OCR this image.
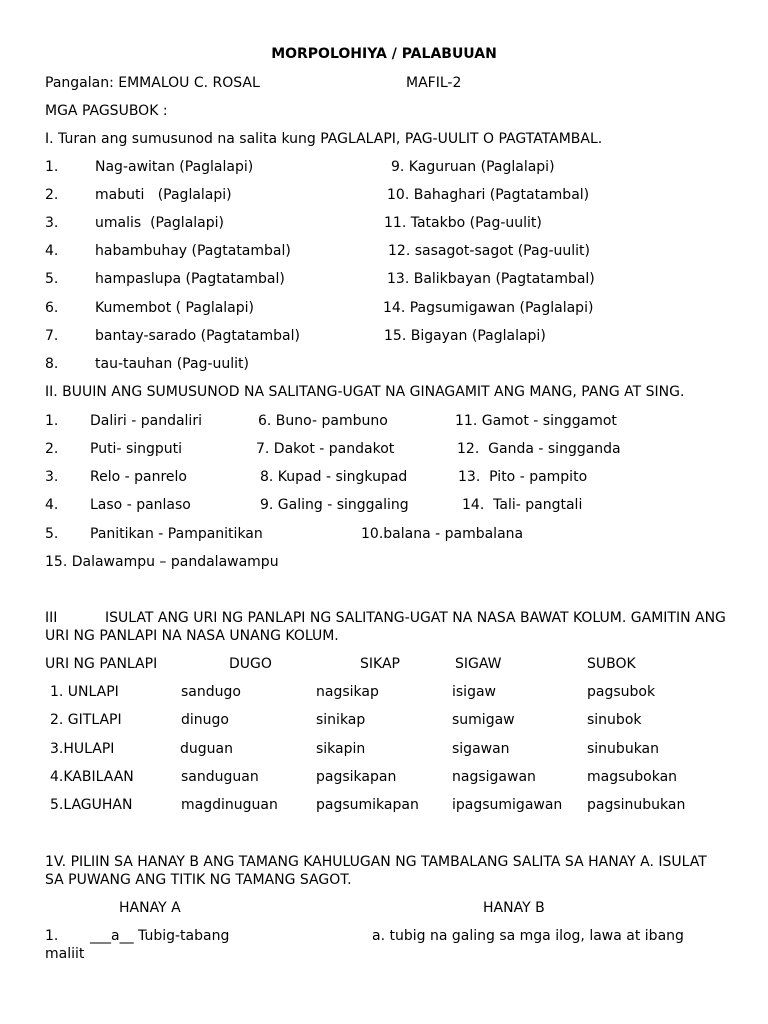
MORPOLOHIYA / PALABUUAN
Pangalan: EMMALOU C. ROSAL	MAFIL-2
MGA PAGSUBOK :
I. Turan ang sumusunod na salita kung PAGLALAPI, PAG-UULIT O PAGTATAMBAL.
1.	Nag-awitan (Paglalapi)	9. Kaguruan (Paglalapi)
2.	mabuti   (Paglalapi)	10. Bahaghari (Pagtatambal)
3.	umalis  (Paglalapi)	11. Tatakbo (Pag-uulit)
4.	habambuhay (Pagtatambal)	12. sasagot-sagot (Pag-uulit)
5.	hampaslupa (Pagtatambal)	13. Balikbayan (Pagtatambal)
6.	Kumembot ( Paglalapi)	14. Pagsumigawan (Paglalapi)
7.	bantay-sarado (Pagtatambal)	15. Bigayan (Paglalapi)
8.	tau-tauhan (Pag-uulit)
II. BUUIN ANG SUMUSUNOD NA SALITANG-UGAT NA GINAGAMIT ANG MANG, PANG AT SING.
1. Daliri - pandaliri	6. Buno- pambuno	11. Gamot - singgamot
2. Puti- singputi	7. Dakot - pandakot	12.  Ganda - singganda
3. Relo - panrelo	8. Kupad - singkupad	13.  Pito - pampito
4. Laso - panlaso	9. Galing - singgaling	14.  Tali- pangtali
5. Panitikan - Pampanitikan	10.balana - pambalana
15. Dalawampu – pandalawampu
III	ISULAT ANG URI NG PANLAPI NG SALITANG-UGAT NA NASA BAWAT KOLUM. GAMITIN ANG
URI NG PANLAPI NA NASA UNANG KOLUM.
URI NG PANLAPI	DUGO	SIKAP	SIGAW	SUBOK
1. UNLAPI	sandugo	nagsikap	isigaw	pagsubok
2. GITLAPI	dinugo	sinikap	sumigaw	sinubok
3.HULAPI	duguan	sikapin	sigawan	sinubukan
4.KABILAAN	sanduguan	pagsikapan	nagsigawan	magsubokan
5.LAGUHAN	magdinuguan	pagsumikapan ipagsumigawan pagsinubukan
1V. PILIIN SA HANAY B ANG TAMANG KAHULUGAN NG TAMBALANG SALITA SA HANAY A. ISULAT
SA PUWANG ANG TITIK NG TAMANG SAGOT.
HANAY A	HANAY B
1. ___a__ Tubig-tabang	a. tubig na galing sa mga ilog, lawa at ibang
maliit
